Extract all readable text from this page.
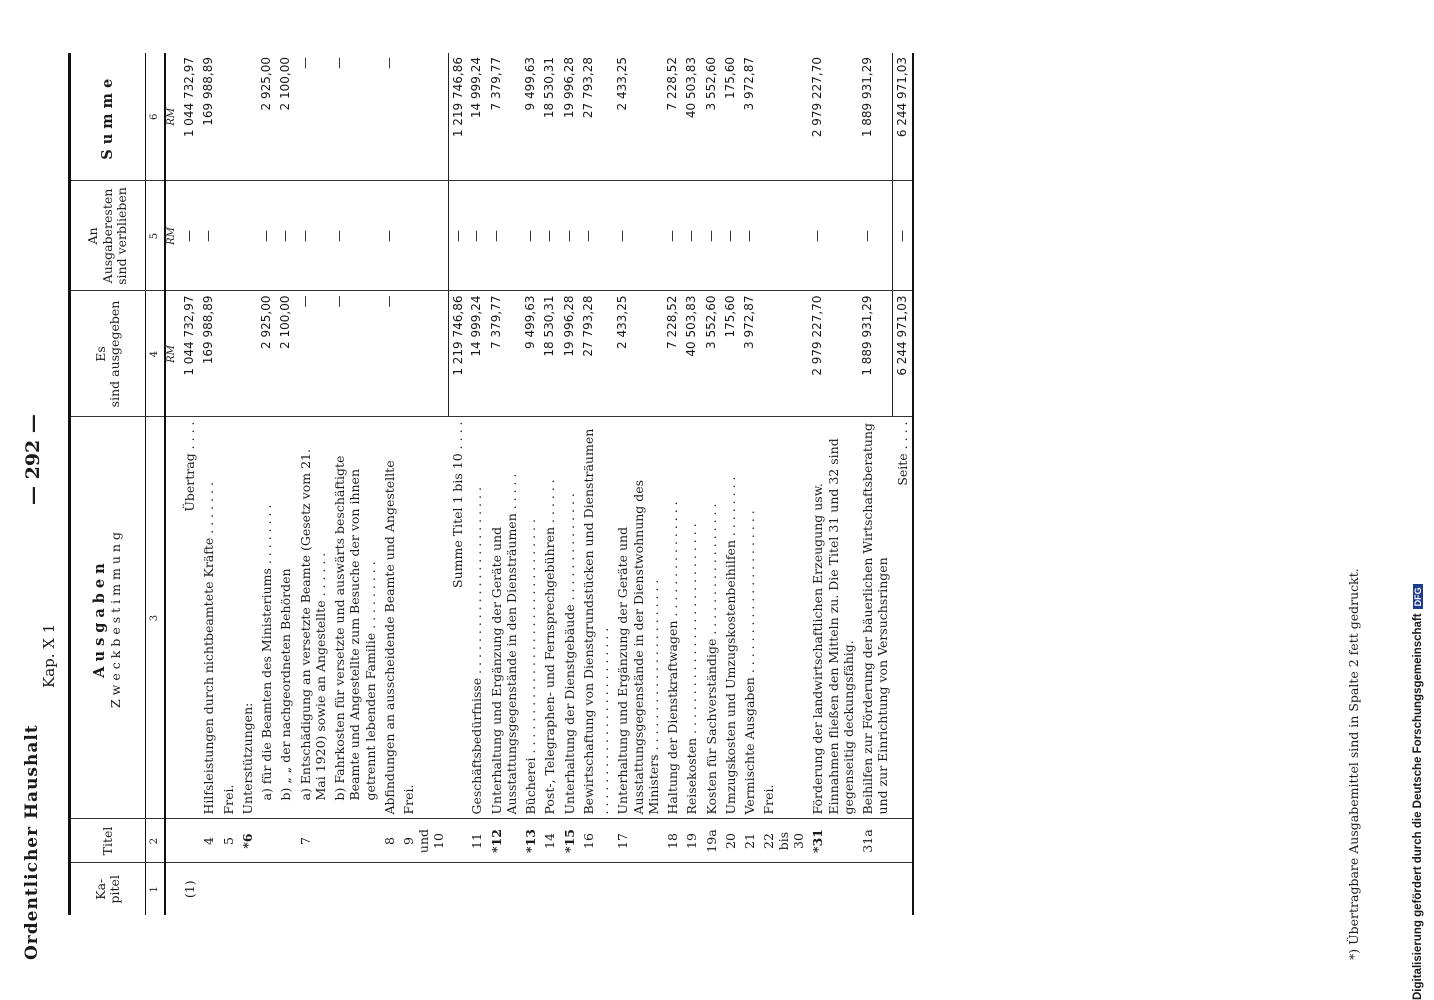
Ordentlicher Haushalt
Kap. X 1
— 292 —
Ka-
pitel	Titel	Ausgaben Zweckbestimmung	Es
sind ausgegeben	An
Ausgaberesten
sind verblieben	Summe
1	2	3	4	5	6
			RM	RM	RM
(1)		Übertrag . . . .	1 044 732,97	—	1 044 732,97
	4	Hilfsleistungen durch nichtbeamtete Kräfte . . . . . . .	169 988,89	—	169 988,89
	5	Frei.			
	*6	Unterstützungen:			
		a) für die Beamten des Ministeriums . . . . . . . .	2 925,00	—	2 925,00
		b) „ „ der nachgeordneten Behörden	2 100,00	—	2 100,00
	7	a) Entschädigung an versetzte Beamte (Gesetz vom 21. Mai 1920) sowie an Angestellte . . . . . .	—	—	—
		b) Fahrkosten für versetzte und auswärts beschäftigte Beamte und Angestellte zum Besuche der von ihnen getrennt lebenden Familie . . . . . . . . .	—	—	—
	8	Abfindungen an ausscheidende Beamte und Angestellte	—	—	—
	9
und
10	Frei.			
		Summe Titel 1 bis 10 . . . .	1 219 746,86	—	1 219 746,86
	11	Geschäftsbedürfnisse . . . . . . . . . . . . . . . . . . . . . . . .	14 999,24	—	14 999,24
	*12	Unterhaltung und Ergänzung der Geräte und Ausstattungsgegenstände in den Diensträumen . . . . .	7 379,77	—	7 379,77
	*13	Bücherei . . . . . . . . . . . . . . . . . . . . . . . . . . . . . .	9 499,63	—	9 499,63
	14	Post-, Telegraphen- und Fernsprechgebühren . . . . . .	18 530,31	—	18 530,31
	*15	Unterhaltung der Dienstgebäude . . . . . . . . . . . . . .	19 996,28	—	19 996,28
	16	Bewirtschaftung von Dienstgrundstücken und Diensträumen . . . . . . . . . . . . . . . . . . . . . . . .	27 793,28	—	27 793,28
	17	Unterhaltung und Ergänzung der Geräte und Ausstattungsgegenstände in der Dienstwohnung des Ministers . . . . . . . . . . . . . . . . . . . . . .	2 433,25	—	2 433,25
	18	Haltung der Dienstkraftwagen . . . . . . . . . . . . . . .	7 228,52	—	7 228,52
	19	Reisekosten . . . . . . . . . . . . . . . . . . . . . . . . . . .	40 503,83	—	40 503,83
	19a	Kosten für Sachverständige . . . . . . . . . . . . . . . . .	3 552,60	—	3 552,60
	20	Umzugskosten und Umzugskostenbeihilfen . . . . . . . .	175,60	—	175,60
	21	Vermischte Ausgaben . . . . . . . . . . . . . . . . . . . . .	3 972,87	—	3 972,87
	22
bis
30	Frei.			
	*31	Förderung der landwirtschaftlichen Erzeugung usw. Einnahmen fließen den Mitteln zu. Die Titel 31 und 32 sind gegenseitig deckungsfähig.	2 979 227,70	—	2 979 227,70
	31a	Beihilfen zur Förderung der bäuerlichen Wirtschaftsberatung und zur Einrichtung von Versuchsringen	1 889 931,29	—	1 889 931,29
		Seite . . . .	6 244 971,03	—	6 244 971,03
*) Übertragbare Ausgabemittel sind in Spalte 2 fett gedruckt.	Digitalisierung gefördert durch die Deutsche ForschungsgemeinschaftDFG
